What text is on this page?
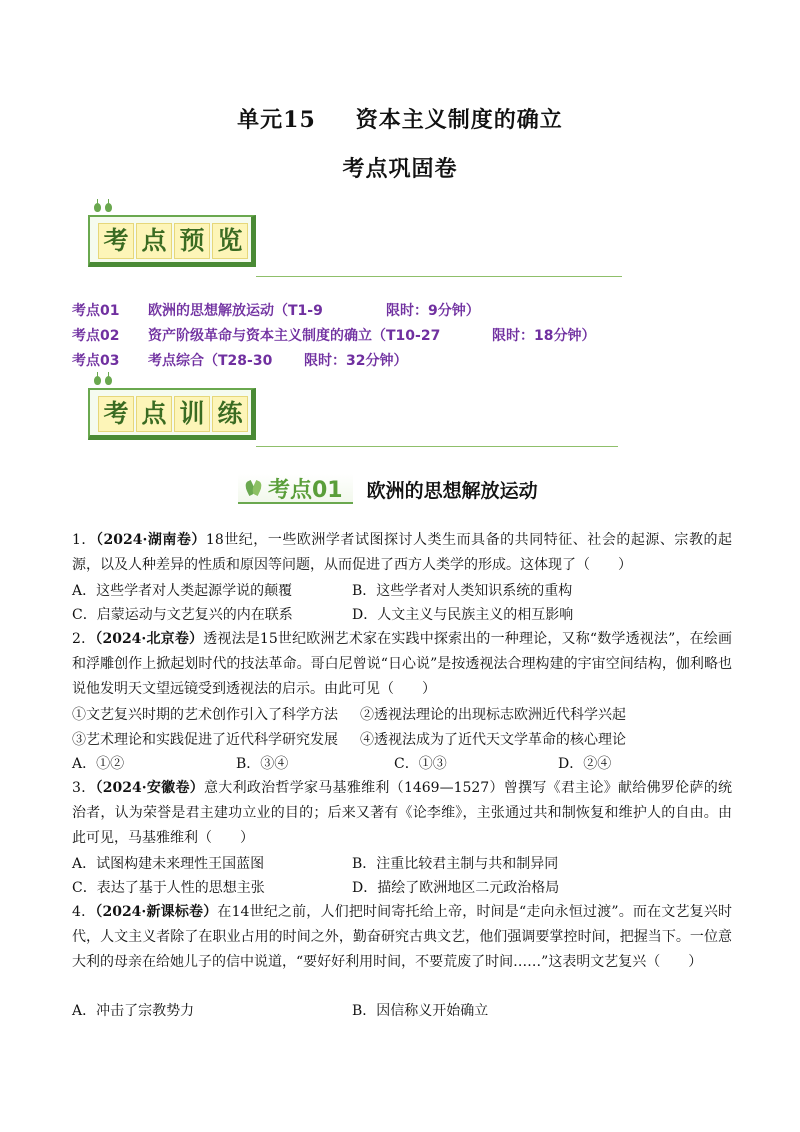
单元15 资本主义制度的确立
考点巩固卷
考 点 预 览
考点01 欧洲的思想解放运动（T1-9	限时：9分钟）
考点02 资产阶级革命与资本主义制度的确立（T10-27	限时：18分钟）
考点03 考点综合（T28-30 限时：32分钟）
考 点 训 练
考点01 欧洲的思想解放运动
1．（2024·湖南卷）18世纪，一些欧洲学者试图探讨人类生而具备的共同特征、社会的起源、宗教的起源，以及人种差异的性质和原因等问题，从而促进了西方人类学的形成。这体现了（　　）
A．这些学者对人类起源学说的颠覆	B．这些学者对人类知识系统的重构
C．启蒙运动与文艺复兴的内在联系	D．人文主义与民族主义的相互影响
2．（2024·北京卷）透视法是15世纪欧洲艺术家在实践中探索出的一种理论，又称“数学透视法”，在绘画和浮雕创作上掀起划时代的技法革命。哥白尼曾说“日心说”是按透视法合理构建的宇宙空间结构，伽利略也说他发明天文望远镜受到透视法的启示。由此可见（　　）
①文艺复兴时期的艺术创作引入了科学方法 ②透视法理论的出现标志欧洲近代科学兴起
③艺术理论和实践促进了近代科学研究发展 ④透视法成为了近代天文学革命的核心理论
A．①②	B．③④	C．①③	D．②④
3．（2024·安徽卷）意大利政治哲学家马基雅维利（1469—1527）曾撰写《君主论》献给佛罗伦萨的统治者，认为荣誉是君主建功立业的目的；后来又著有《论李维》，主张通过共和制恢复和维护人的自由。由此可见，马基雅维利（　　）
A．试图构建未来理性王国蓝图	B．注重比较君主制与共和制异同
C．表达了基于人性的思想主张	D．描绘了欧洲地区二元政治格局
4．（2024·新课标卷）在14世纪之前，人们把时间寄托给上帝，时间是“走向永恒过渡”。而在文艺复兴时代，人文主义者除了在职业占用的时间之外，勤奋研究古典文艺，他们强调要掌控时间，把握当下。一位意大利的母亲在给她儿子的信中说道，“要好好利用时间，不要荒废了时间……”这表明文艺复兴（　　）
A．冲击了宗教势力	B．因信称义开始确立
